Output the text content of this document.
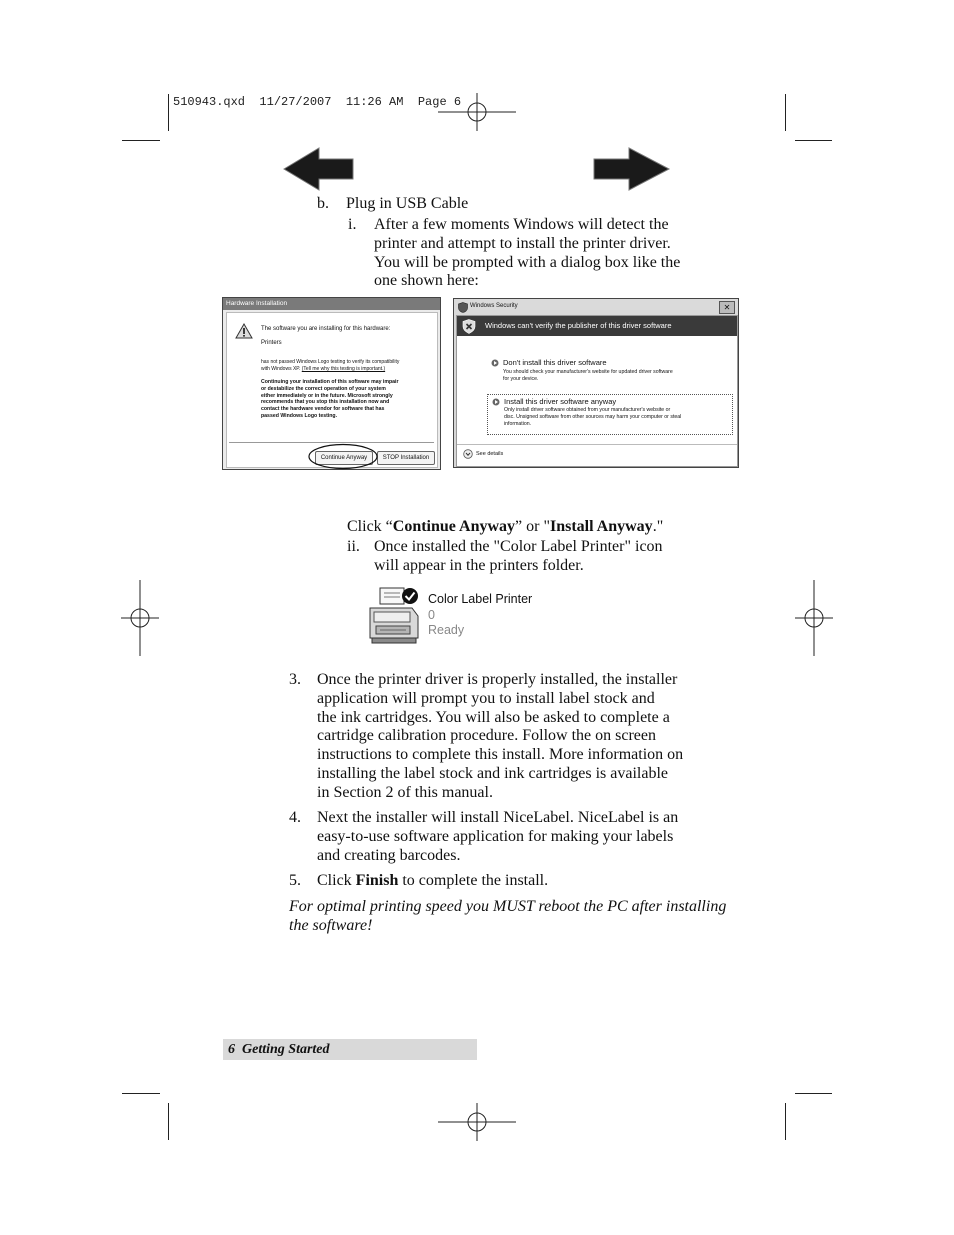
510943.qxd  11/27/2007  11:26 AM  Page 6
b. Plug in USB Cable
i. After a few moments Windows will detect the
printer and attempt to install the printer driver.
You will be prompted with a dialog box like the
one shown here:
Hardware Installation
The software you are installing for this hardware:
Printers
has not passed Windows Logo testing to verify its compatibility
with Windows XP. (Tell me why this testing is important.)
Continuing your installation of this software may impair
or destabilize the correct operation of your system
either immediately or in the future. Microsoft strongly
recommends that you stop this installation now and
contact the hardware vendor for software that has
passed Windows Logo testing.
Continue Anyway	STOP Installation
Windows Security	✕
Windows can't verify the publisher of this driver software
Don't install this driver software
You should check your manufacturer's website for updated driver software
for your device.
Install this driver software anyway
Only install driver software obtained from your manufacturer's website or
disc. Unsigned software from other sources may harm your computer or steal
information.
See details
Click “Continue Anyway” or "Install Anyway."
ii. Once installed the "Color Label Printer" icon
will appear in the printers folder.
Color Label Printer
0
Ready
3. Once the printer driver is properly installed, the installer
application will prompt you to install label stock and
the ink cartridges. You will also be asked to complete a
cartridge calibration procedure. Follow the on screen
instructions to complete this install. More information on
installing the label stock and ink cartridges is available
in Section 2 of this manual.
4. Next the installer will install NiceLabel. NiceLabel is an
easy-to-use software application for making your labels
and creating barcodes.
5. Click Finish to complete the install.
For optimal printing speed you MUST reboot the PC after installing
the software!
6  Getting Started
